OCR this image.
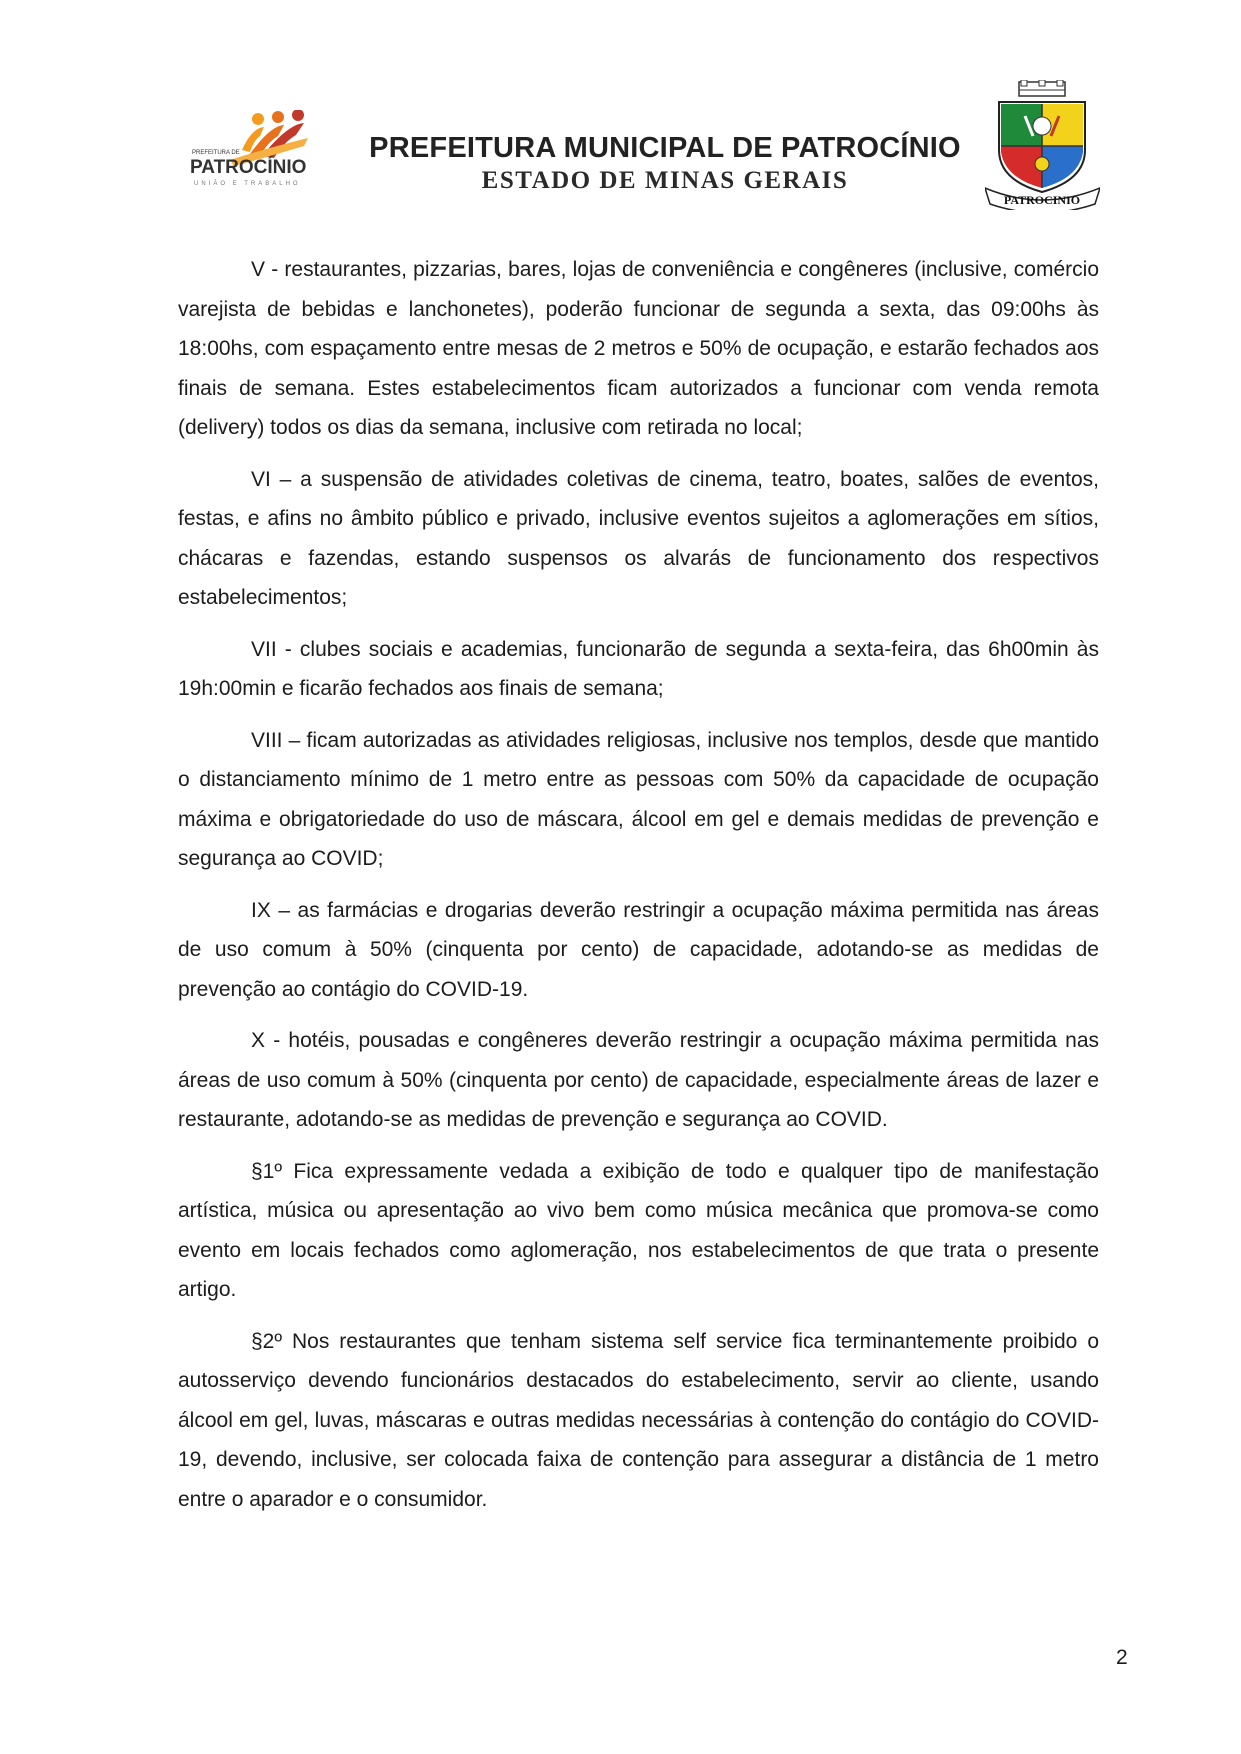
PREFEITURA DE
PATROCÍNIO
UNIÃO E TRABALHO
PREFEITURA MUNICIPAL DE PATROCÍNIO
ESTADO DE MINAS GERAIS
PATROCINIO

V - restaurantes, pizzarias, bares, lojas de conveniência e congêneres (inclusive, comércio varejista de bebidas e lanchonetes), poderão funcionar de segunda a sexta, das 09:00hs às 18:00hs, com espaçamento entre mesas de 2 metros e 50% de ocupação, e estarão fechados aos finais de semana. Estes estabelecimentos ficam autorizados a funcionar com venda remota (delivery) todos os dias da semana, inclusive com retirada no local;

VI – a suspensão de atividades coletivas de cinema, teatro, boates, salões de eventos, festas, e afins no âmbito público e privado, inclusive eventos sujeitos a aglomerações em sítios, chácaras e fazendas, estando suspensos os alvarás de funcionamento dos respectivos estabelecimentos;

VII - clubes sociais e academias, funcionarão de segunda a sexta-feira, das 6h00min às 19h:00min e ficarão fechados aos finais de semana;

VIII – ficam autorizadas as atividades religiosas, inclusive nos templos, desde que mantido o distanciamento mínimo de 1 metro entre as pessoas com 50% da capacidade de ocupação máxima e obrigatoriedade do uso de máscara, álcool em gel e demais medidas de prevenção e segurança ao COVID;

IX – as farmácias e drogarias deverão restringir a ocupação máxima permitida nas áreas de uso comum à 50% (cinquenta por cento) de capacidade, adotando-se as medidas de prevenção ao contágio do COVID-19.

X - hotéis, pousadas e congêneres deverão restringir a ocupação máxima permitida nas áreas de uso comum à 50% (cinquenta por cento) de capacidade, especialmente áreas de lazer e restaurante, adotando-se as medidas de prevenção e segurança ao COVID.

§1º Fica expressamente vedada a exibição de todo e qualquer tipo de manifestação artística, música ou apresentação ao vivo bem como música mecânica que promova-se como evento em locais fechados como aglomeração, nos estabelecimentos de que trata o presente artigo.

§2º Nos restaurantes que tenham sistema self service fica terminantemente proibido o autosserviço devendo funcionários destacados do estabelecimento, servir ao cliente, usando álcool em gel, luvas, máscaras e outras medidas necessárias à contenção do contágio do COVID-19, devendo, inclusive, ser colocada faixa de contenção para assegurar a distância de 1 metro entre o aparador e o consumidor.

2
